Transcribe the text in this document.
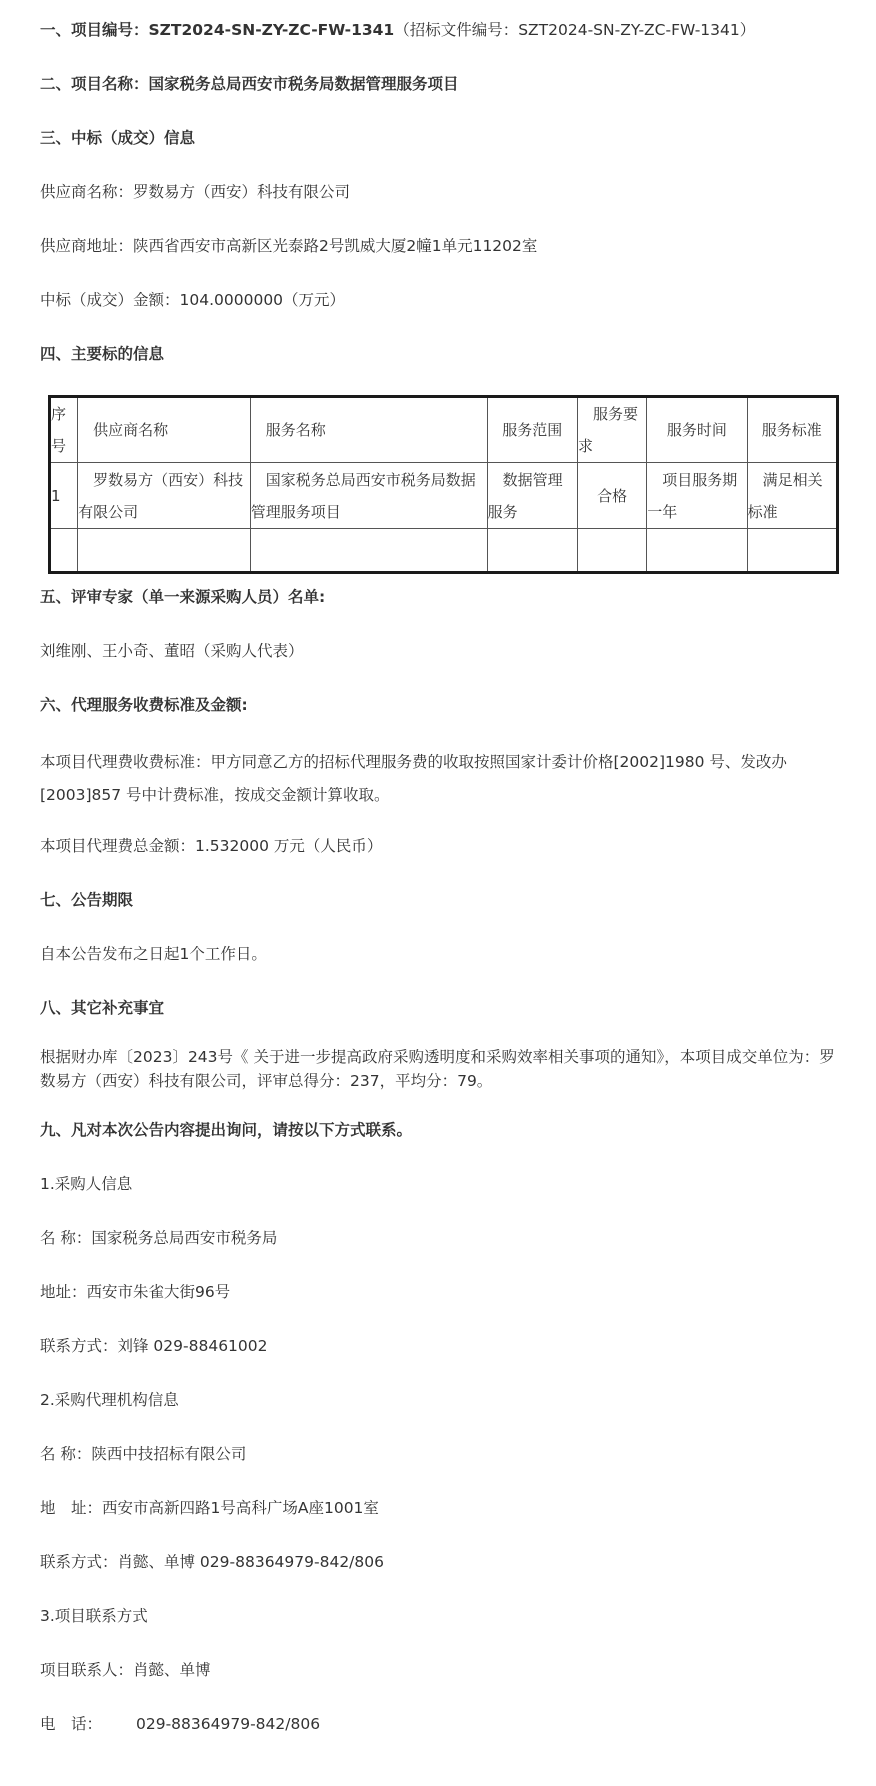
一、项目编号：SZT2024-SN-ZY-ZC-FW-1341（招标文件编号：SZT2024-SN-ZY-ZC-FW-1341）
二、项目名称：国家税务总局西安市税务局数据管理服务项目
三、中标（成交）信息
供应商名称：罗数易方（西安）科技有限公司
供应商地址：陕西省西安市高新区光泰路2号凯威大厦2幢1单元11202室
中标（成交）金额：104.0000000（万元）
四、主要标的信息
序号	供应商名称	服务名称	服务范围	服务要求	服务时间	服务标准
1	罗数易方（西安）科技有限公司	国家税务总局西安市税务局数据管理服务项目	数据管理服务	合格	项目服务期一年	满足相关标准

五、评审专家（单一来源采购人员）名单:
刘维刚、王小奇、董昭（采购人代表）
六、代理服务收费标准及金额:
本项目代理费收费标准：甲方同意乙方的招标代理服务费的收取按照国家计委计价格[2002]1980 号、发改办[2003]857 号中计费标准，按成交金额计算收取。
本项目代理费总金额：1.532000 万元（人民币）
七、公告期限
自本公告发布之日起1个工作日。
八、其它补充事宜
根据财办库〔2023〕243号《 关于进一步提高政府采购透明度和采购效率相关事项的通知》，本项目成交单位为：罗数易方（西安）科技有限公司，评审总得分：237，平均分：79。
九、凡对本次公告内容提出询问，请按以下方式联系。
1.采购人信息
名 称：国家税务总局西安市税务局
地址：西安市朱雀大街96号
联系方式：刘锋 029-88461002
2.采购代理机构信息
名 称：陕西中技招标有限公司
地　址：西安市高新四路1号高科广场A座1001室
联系方式：肖懿、单博 029-88364979-842/806
3.项目联系方式
项目联系人：肖懿、单博
电　话： 029-88364979-842/806
